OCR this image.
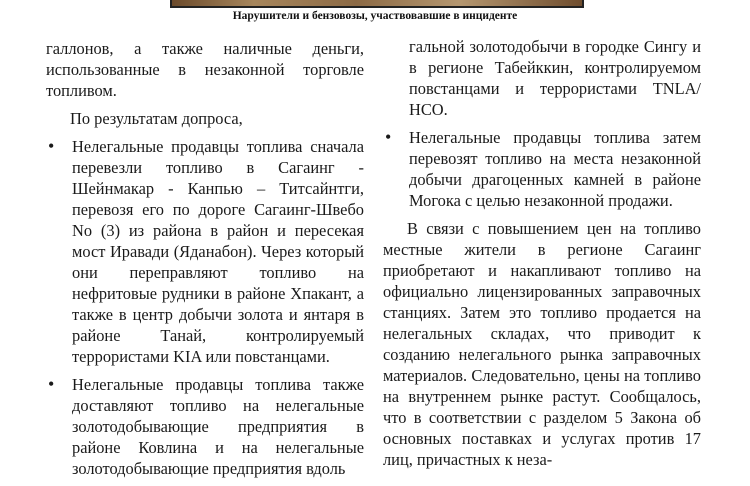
Нарушители и бензовозы, участвовавшие в инциденте

галлонов, а также наличные деньги, использованные в незаконной торговле топливом.

По результатам допроса,

• Нелегальные продавцы топлива сначала перевезли топливо в Сагаинг - Шейнмакар - Канпью – Титсайнтги, перевозя его по дороге Сагаинг-Швебо No (3) из района в район и пересекая мост Иравади (Яданабон). Через который они переправляют топливо на нефритовые рудники в районе Хпакант, а также в центр добычи золота и янтаря в районе Танай, контролируемый террористами KIA или повстанцами.
• Нелегальные продавцы топлива также доставляют топливо на нелегальные золотодобывающие предприятия в районе Ковлина и на нелегальные золотодобывающие предприятия вдоль
гальной золотодобычи в городке Сингу и в регионе Табейккин, контролируемом повстанцами и террористами TNLA/НСО.
• Нелегальные продавцы топлива затем перевозят топливо на места незаконной добычи драгоценных камней в районе Могока с целью незаконной продажи.

В связи с повышением цен на топливо местные жители в регионе Сагаинг приобретают и накапливают топливо на официально лицензированных заправочных станциях. Затем это топливо продается на нелегальных складах, что приводит к созданию нелегального рынка заправочных материалов. Следовательно, цены на топливо на внутреннем рынке растут. Сообщалось, что в соответствии с разделом 5 Закона об основных поставках и услугах против 17 лиц, причастных к неза-
